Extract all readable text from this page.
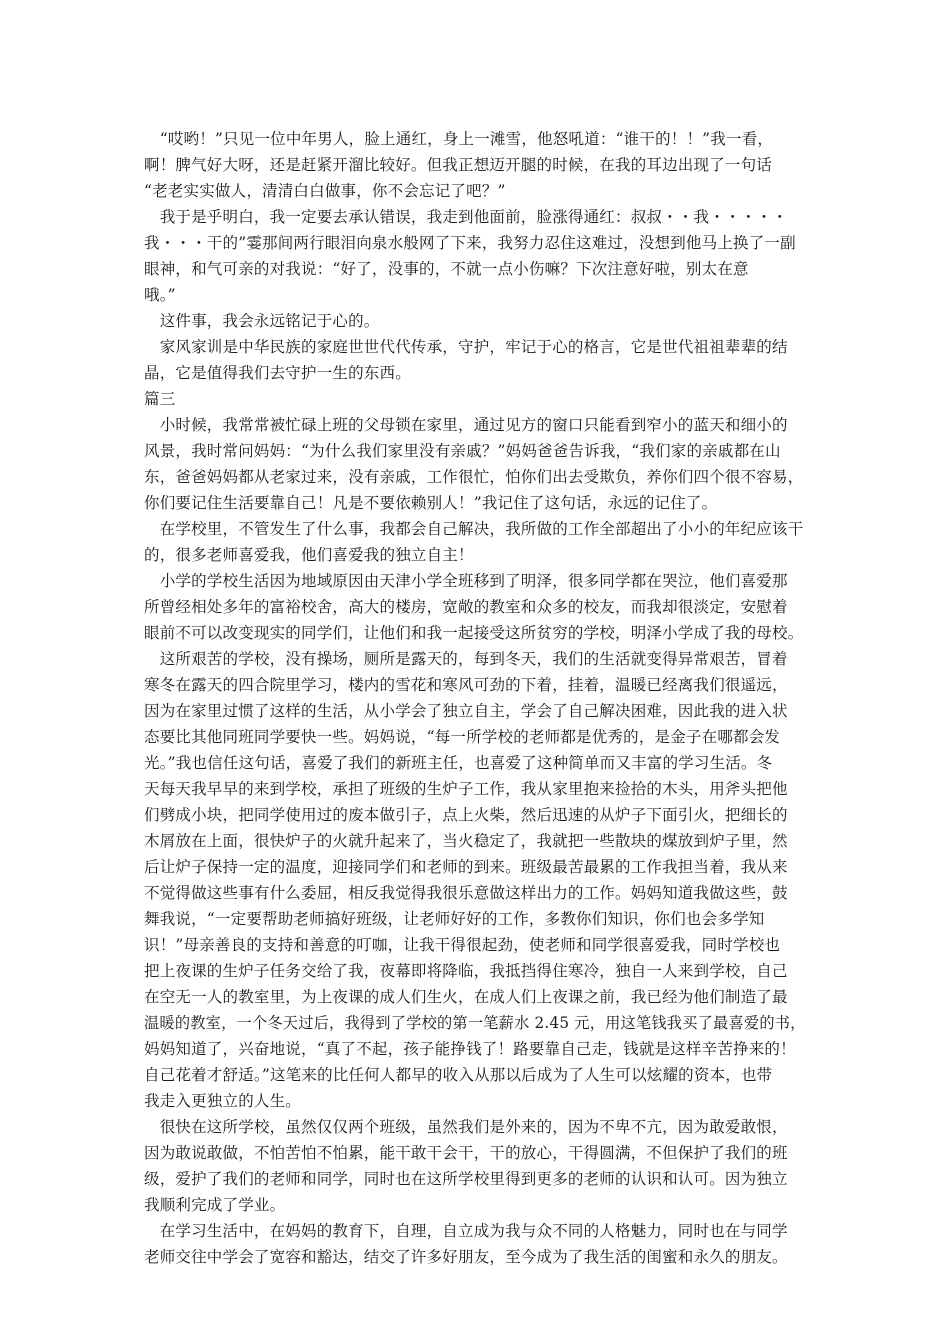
　“哎哟！”只见一位中年男人，脸上通红，身上一滩雪，他怒吼道：“谁干的！！”我一看，
啊！脾气好大呀，还是赶紧开溜比较好。但我正想迈开腿的时候，在我的耳边出现了一句话
“老老实实做人，清清白白做事，你不会忘记了吧？”
　我于是乎明白，我一定要去承认错误，我走到他面前，脸涨得通红：叔叔・・我・・・・・
我・・・干的”霎那间两行眼泪向泉水般网了下来，我努力忍住这难过，没想到他马上换了一副
眼神，和气可亲的对我说：“好了，没事的，不就一点小伤嘛？下次注意好啦，别太在意
哦。”
　这件事，我会永远铭记于心的。
　家风家训是中华民族的家庭世世代代传承，守护，牢记于心的格言，它是世代祖祖辈辈的结
晶，它是值得我们去守护一生的东西。
篇三
　小时候，我常常被忙碌上班的父母锁在家里，通过见方的窗口只能看到窄小的蓝天和细小的
风景，我时常问妈妈：“为什么我们家里没有亲戚？”妈妈爸爸告诉我，“我们家的亲戚都在山
东，爸爸妈妈都从老家过来，没有亲戚，工作很忙，怕你们出去受欺负，养你们四个很不容易，
你们要记住生活要靠自己！凡是不要依赖别人！”我记住了这句话，永远的记住了。
　在学校里，不管发生了什么事，我都会自己解决，我所做的工作全部超出了小小的年纪应该干
的，很多老师喜爱我，他们喜爱我的独立自主！
　小学的学校生活因为地域原因由天津小学全班移到了明泽，很多同学都在哭泣，他们喜爱那
所曾经相处多年的富裕校舍，高大的楼房，宽敞的教室和众多的校友，而我却很淡定，安慰着
眼前不可以改变现实的同学们，让他们和我一起接受这所贫穷的学校，明泽小学成了我的母校。
　这所艰苦的学校，没有操场，厕所是露天的，每到冬天，我们的生活就变得异常艰苦，冒着
寒冬在露天的四合院里学习，楼内的雪花和寒风可劲的下着，挂着，温暖已经离我们很遥远，
因为在家里过惯了这样的生活，从小学会了独立自主，学会了自己解决困难，因此我的进入状
态要比其他同班同学要快一些。妈妈说，“每一所学校的老师都是优秀的，是金子在哪都会发
光。”我也信任这句话，喜爱了我们的新班主任，也喜爱了这种简单而又丰富的学习生活。冬
天每天我早早的来到学校，承担了班级的生炉子工作，我从家里抱来捡拾的木头，用斧头把他
们劈成小块，把同学使用过的废本做引子，点上火柴，然后迅速的从炉子下面引火，把细长的
木屑放在上面，很快炉子的火就升起来了，当火稳定了，我就把一些散块的煤放到炉子里，然
后让炉子保持一定的温度，迎接同学们和老师的到来。班级最苦最累的工作我担当着，我从来
不觉得做这些事有什么委屈，相反我觉得我很乐意做这样出力的工作。妈妈知道我做这些，鼓
舞我说，“一定要帮助老师搞好班级，让老师好好的工作，多教你们知识，你们也会多学知
识！”母亲善良的支持和善意的叮咖，让我干得很起劲，使老师和同学很喜爱我，同时学校也
把上夜课的生炉子任务交给了我，夜幕即将降临，我抵挡得住寒冷，独自一人来到学校，自己
在空无一人的教室里，为上夜课的成人们生火，在成人们上夜课之前，我已经为他们制造了最
温暖的教室，一个冬天过后，我得到了学校的第一笔薪水 2.45 元，用这笔钱我买了最喜爱的书，
妈妈知道了，兴奋地说，“真了不起，孩子能挣钱了！路要靠自己走，钱就是这样辛苦挣来的！
自己花着才舒适。”这笔来的比任何人都早的收入从那以后成为了人生可以炫耀的资本，也带
我走入更独立的人生。
　很快在这所学校，虽然仅仅两个班级，虽然我们是外来的，因为不卑不亢，因为敢爱敢恨，
因为敢说敢做，不怕苦怕不怕累，能干敢干会干，干的放心，干得圆满，不但保护了我们的班
级，爱护了我们的老师和同学，同时也在这所学校里得到更多的老师的认识和认可。因为独立
我顺利完成了学业。
　在学习生活中，在妈妈的教育下，自理，自立成为我与众不同的人格魅力，同时也在与同学
老师交往中学会了宽容和豁达，结交了许多好朋友，至今成为了我生活的闺蜜和永久的朋友。
